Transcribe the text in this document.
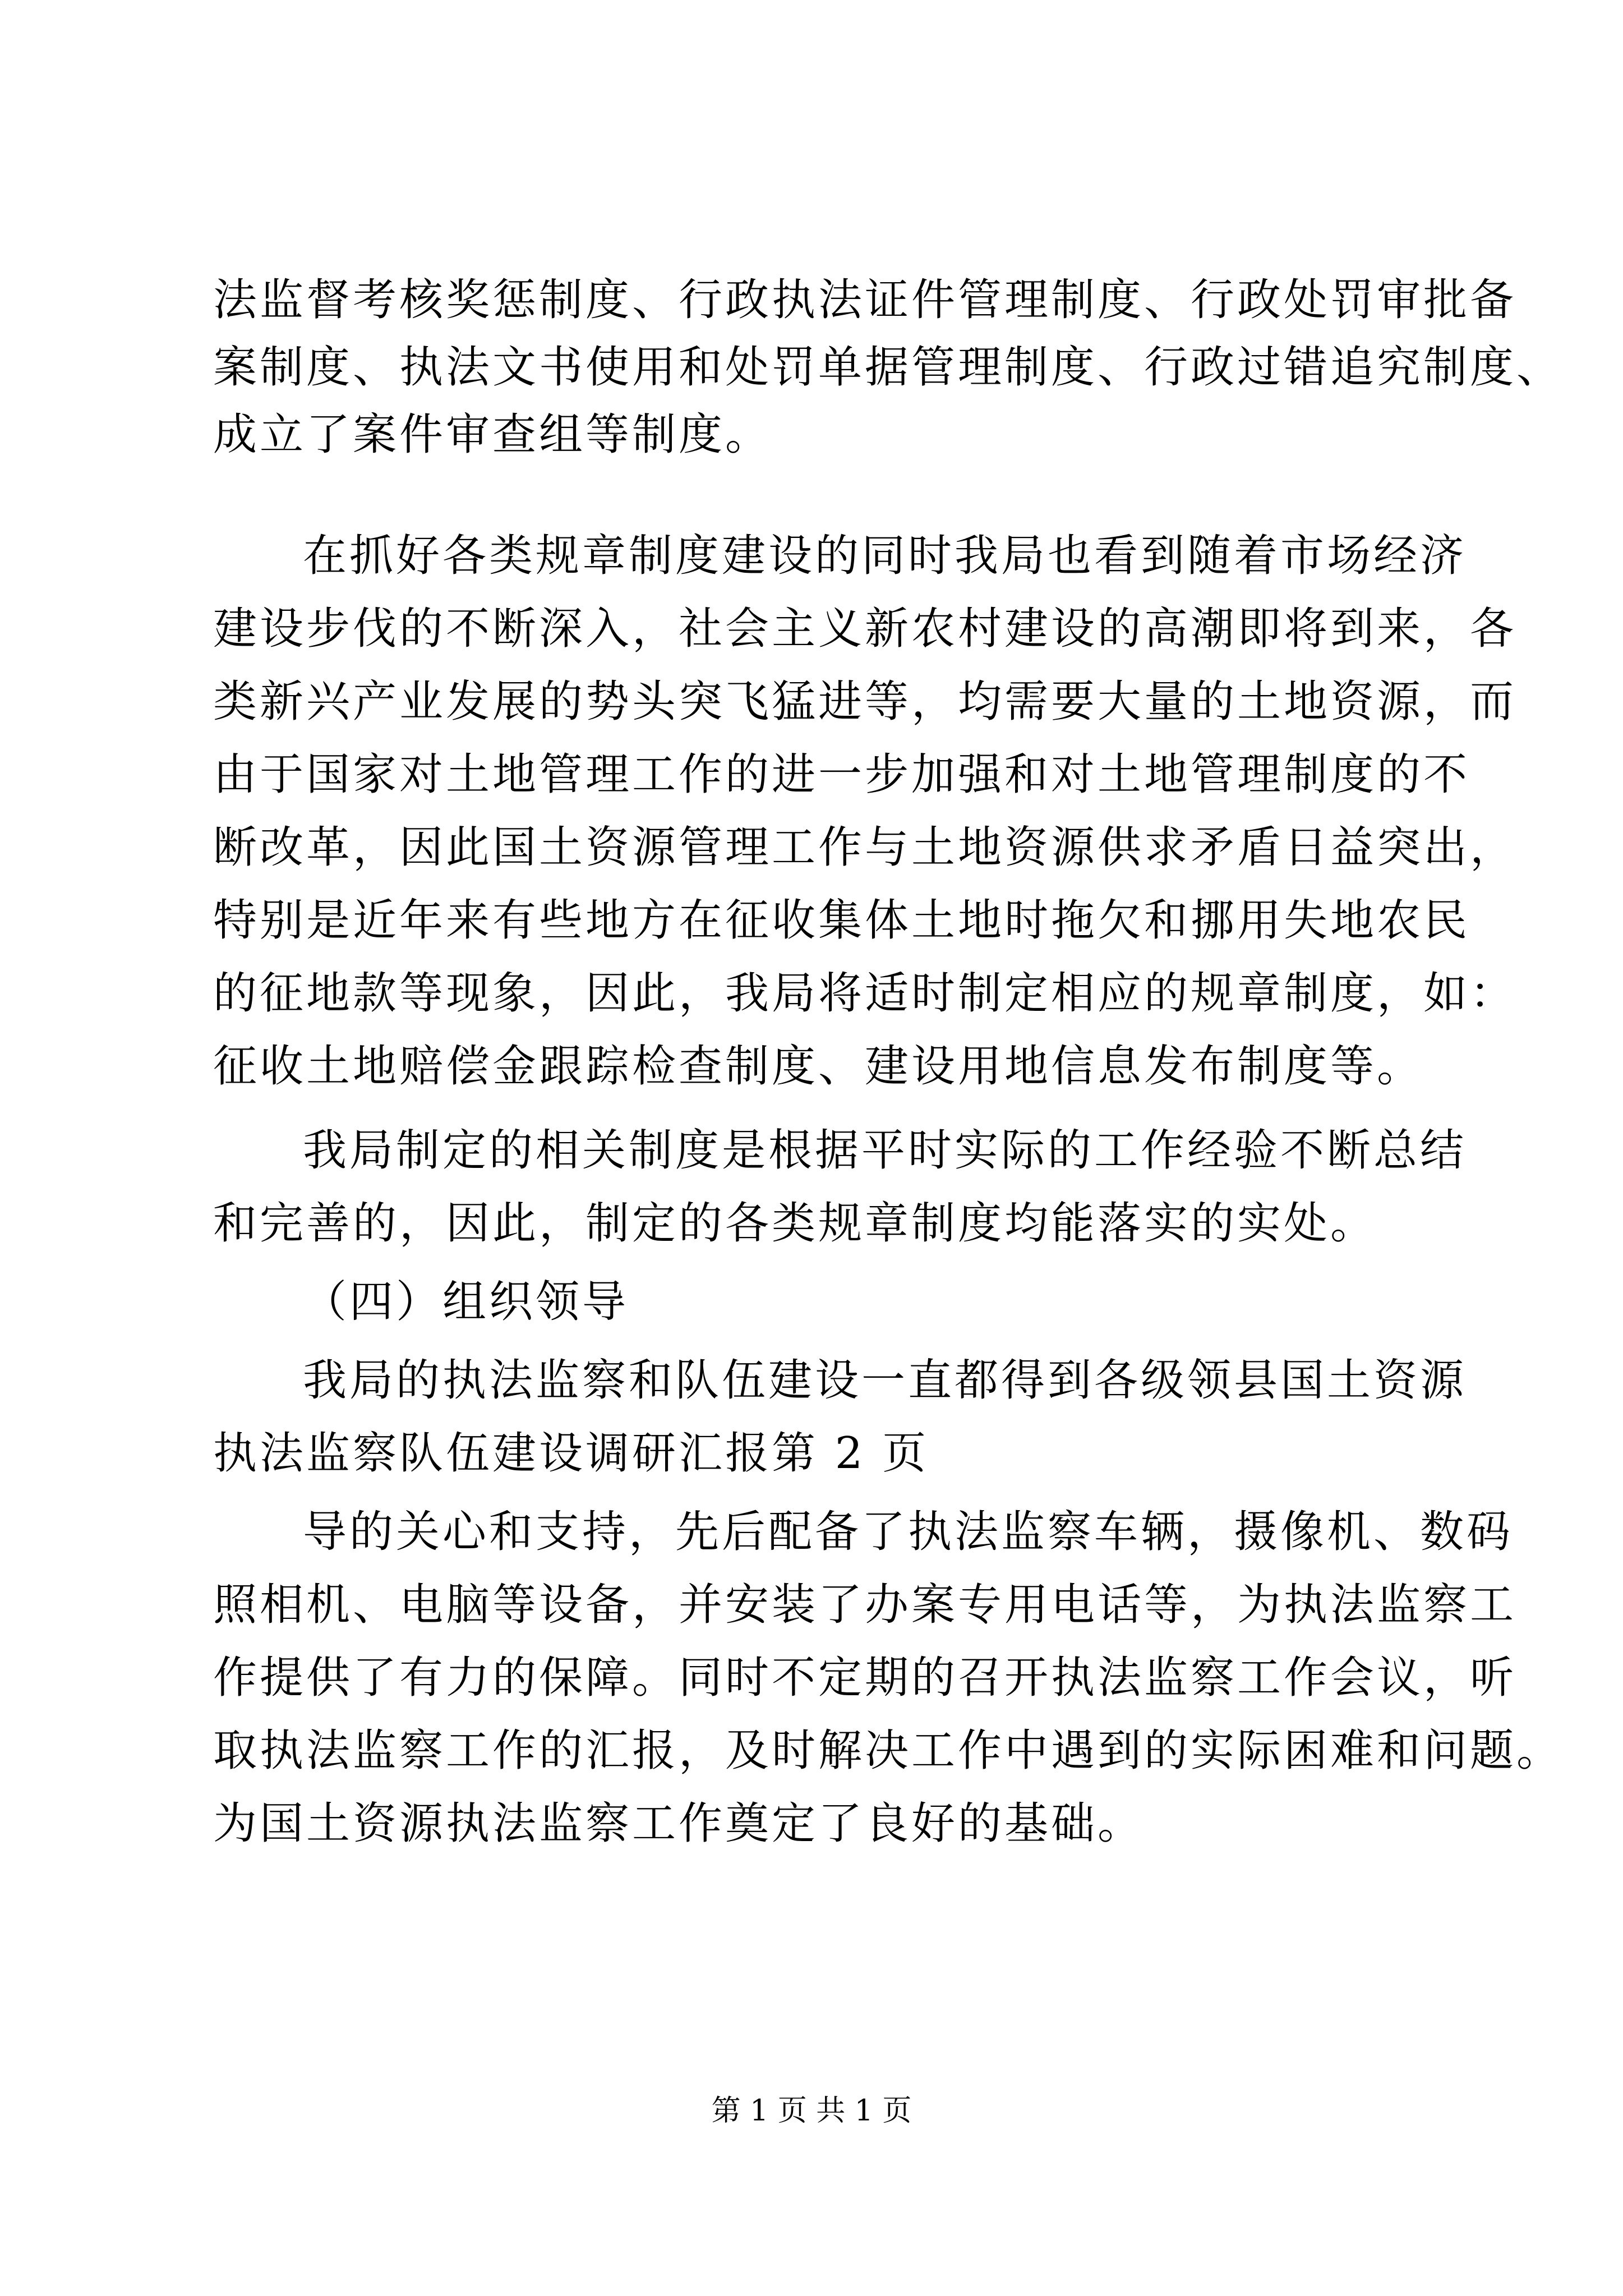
法监督考核奖惩制度、行政执法证件管理制度、行政处罚审批备
案制度、执法文书使用和处罚单据管理制度、行政过错追究制度、
成立了案件审查组等制度。
在抓好各类规章制度建设的同时我局也看到随着市场经济
建设步伐的不断深入，社会主义新农村建设的高潮即将到来，各
类新兴产业发展的势头突飞猛进等，均需要大量的土地资源，而
由于国家对土地管理工作的进一步加强和对土地管理制度的不
断改革，因此国土资源管理工作与土地资源供求矛盾日益突出，
特别是近年来有些地方在征收集体土地时拖欠和挪用失地农民
的征地款等现象，因此，我局将适时制定相应的规章制度，如：
征收土地赔偿金跟踪检查制度、建设用地信息发布制度等。
我局制定的相关制度是根据平时实际的工作经验不断总结
和完善的，因此，制定的各类规章制度均能落实的实处。
（四）组织领导
我局的执法监察和队伍建设一直都得到各级领县国土资源
执法监察队伍建设调研汇报第 2 页
导的关心和支持，先后配备了执法监察车辆，摄像机、数码
照相机、电脑等设备，并安装了办案专用电话等，为执法监察工
作提供了有力的保障。同时不定期的召开执法监察工作会议，听
取执法监察工作的汇报，及时解决工作中遇到的实际困难和问题。
为国土资源执法监察工作奠定了良好的基础。
第 1 页 共 1 页
